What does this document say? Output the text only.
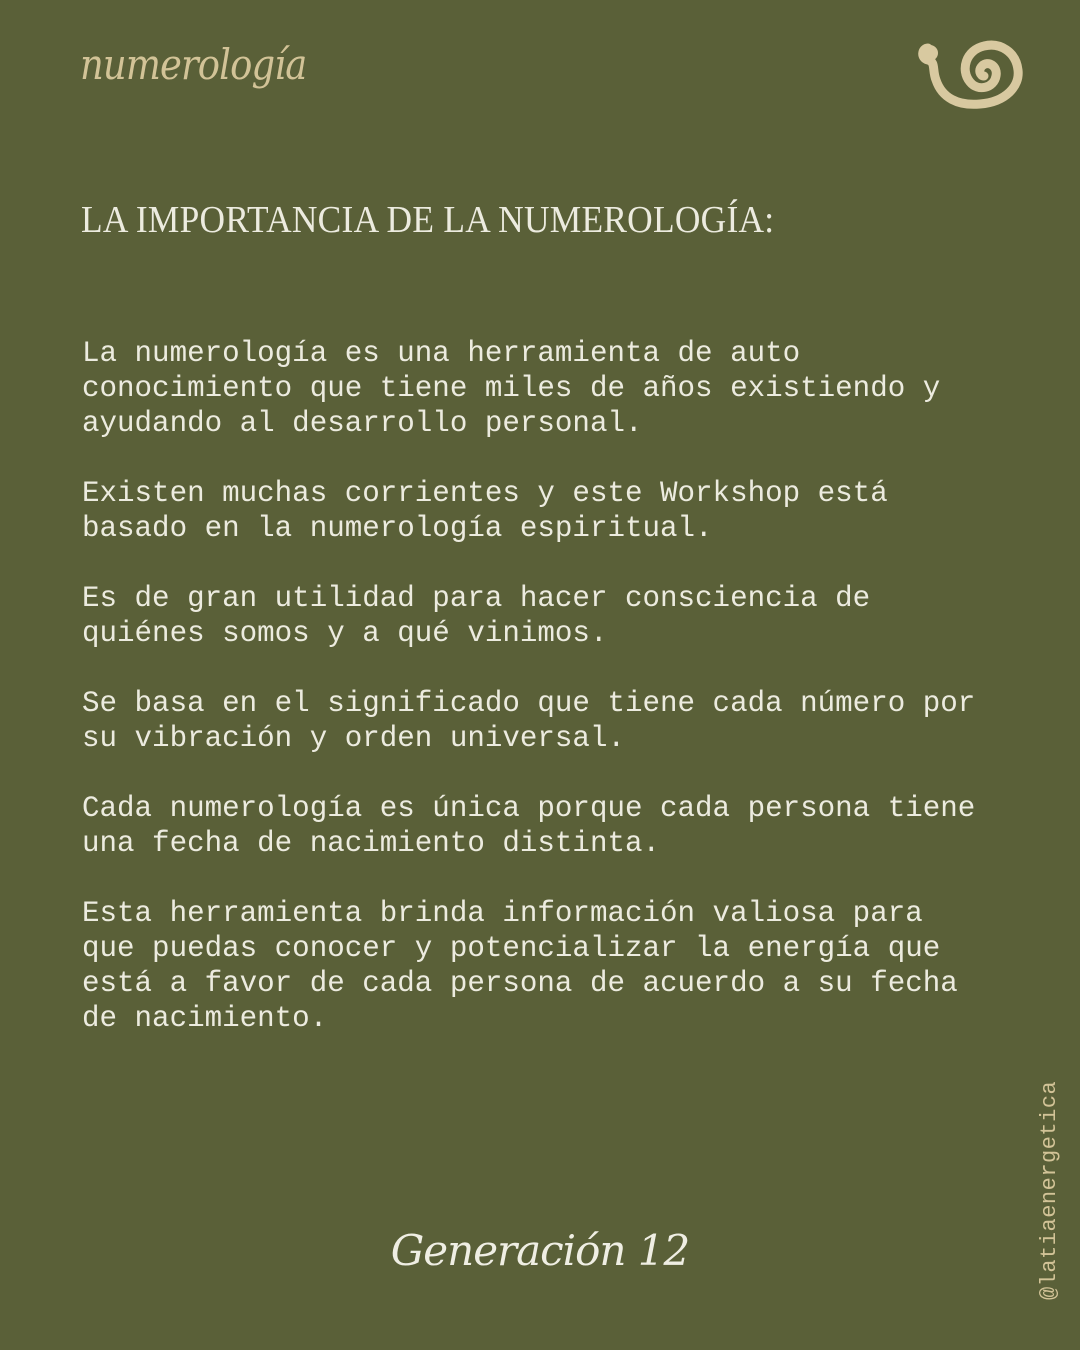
numerología
LA IMPORTANCIA DE LA NUMEROLOGÍA:

La numerología es una herramienta de auto
conocimiento que tiene miles de años existiendo y
ayudando al desarrollo personal.

Existen muchas corrientes y este Workshop está
basado en la numerología espiritual.

Es de gran utilidad para hacer consciencia de
quiénes somos y a qué vinimos.

Se basa en el significado que tiene cada número por
su vibración y orden universal.

Cada numerología es única porque cada persona tiene
una fecha de nacimiento distinta.

Esta herramienta brinda información valiosa para
que puedas conocer y potencializar la energía que
está a favor de cada persona de acuerdo a su fecha
de nacimiento.

@latiaenergetica
Generación 12
